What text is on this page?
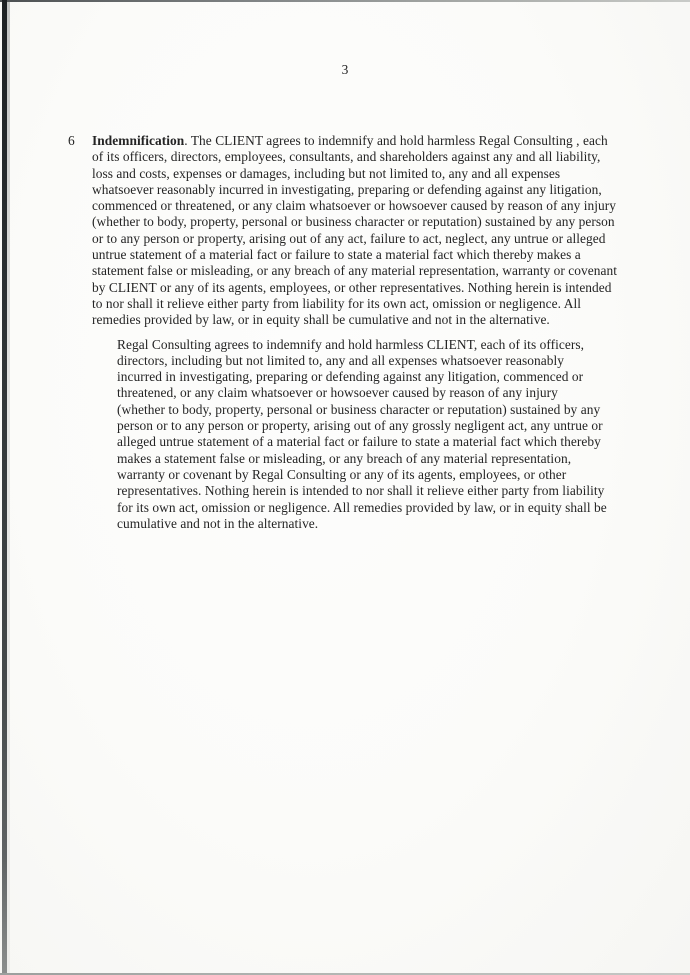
3
6 Indemnification. The CLIENT agrees to indemnify and hold harmless Regal Consulting , each of its officers, directors, employees, consultants, and shareholders against any and all liability, loss and costs, expenses or damages, including but not limited to, any and all expenses whatsoever reasonably incurred in investigating, preparing or defending against any litigation, commenced or threatened, or any claim whatsoever or howsoever caused by reason of any injury (whether to body, property, personal or business character or reputation) sustained by any person or to any person or property, arising out of any act, failure to act, neglect, any untrue or alleged untrue statement of a material fact or failure to state a material fact which thereby makes a statement false or misleading, or any breach of any material representation, warranty or covenant by CLIENT or any of its agents, employees, or other representatives. Nothing herein is intended to nor shall it relieve either party from liability for its own act, omission or negligence. All remedies provided by law, or in equity shall be cumulative and not in the alternative.

Regal Consulting agrees to indemnify and hold harmless CLIENT, each of its officers, directors, including but not limited to, any and all expenses whatsoever reasonably incurred in investigating, preparing or defending against any litigation, commenced or threatened, or any claim whatsoever or howsoever caused by reason of any injury (whether to body, property, personal or business character or reputation) sustained by any person or to any person or property, arising out of any grossly negligent act, any untrue or alleged untrue statement of a material fact or failure to state a material fact which thereby makes a statement false or misleading, or any breach of any material representation, warranty or covenant by Regal Consulting or any of its agents, employees, or other representatives. Nothing herein is intended to nor shall it relieve either party from liability for its own act, omission or negligence. All remedies provided by law, or in equity shall be cumulative and not in the alternative.
